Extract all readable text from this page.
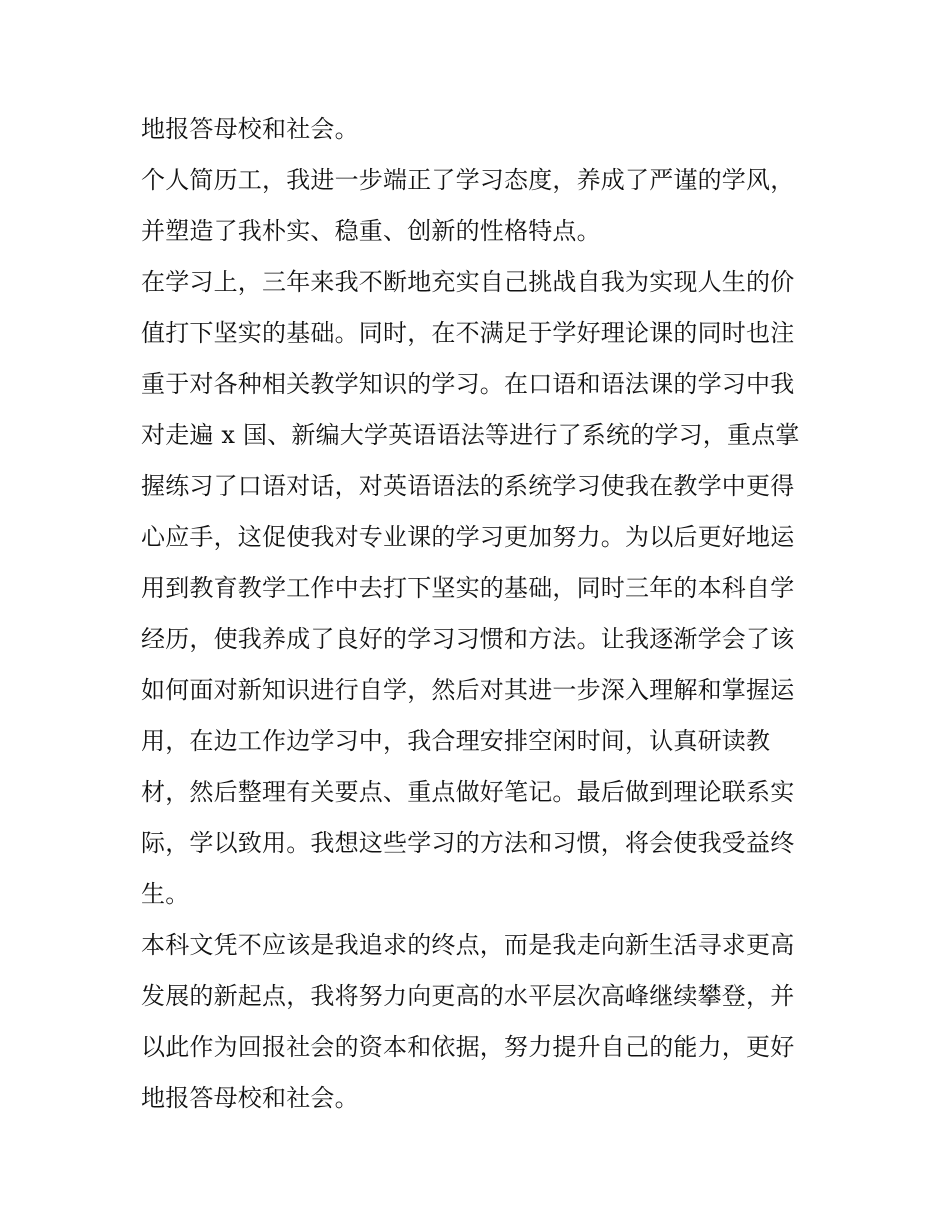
地报答母校和社会。
个人简历工，我进一步端正了学习态度，养成了严谨的学风，
并塑造了我朴实、稳重、创新的性格特点。
在学习上，三年来我不断地充实自己挑战自我为实现人生的价
值打下坚实的基础。同时，在不满足于学好理论课的同时也注
重于对各种相关教学知识的学习。在口语和语法课的学习中我
对走遍 x 国、新编大学英语语法等进行了系统的学习，重点掌
握练习了口语对话，对英语语法的系统学习使我在教学中更得
心应手，这促使我对专业课的学习更加努力。为以后更好地运
用到教育教学工作中去打下坚实的基础，同时三年的本科自学
经历，使我养成了良好的学习习惯和方法。让我逐渐学会了该
如何面对新知识进行自学，然后对其进一步深入理解和掌握运
用，在边工作边学习中，我合理安排空闲时间，认真研读教
材，然后整理有关要点、重点做好笔记。最后做到理论联系实
际，学以致用。我想这些学习的方法和习惯，将会使我受益终
生。
本科文凭不应该是我追求的终点，而是我走向新生活寻求更高
发展的新起点，我将努力向更高的水平层次高峰继续攀登，并
以此作为回报社会的资本和依据，努力提升自己的能力，更好
地报答母校和社会。
